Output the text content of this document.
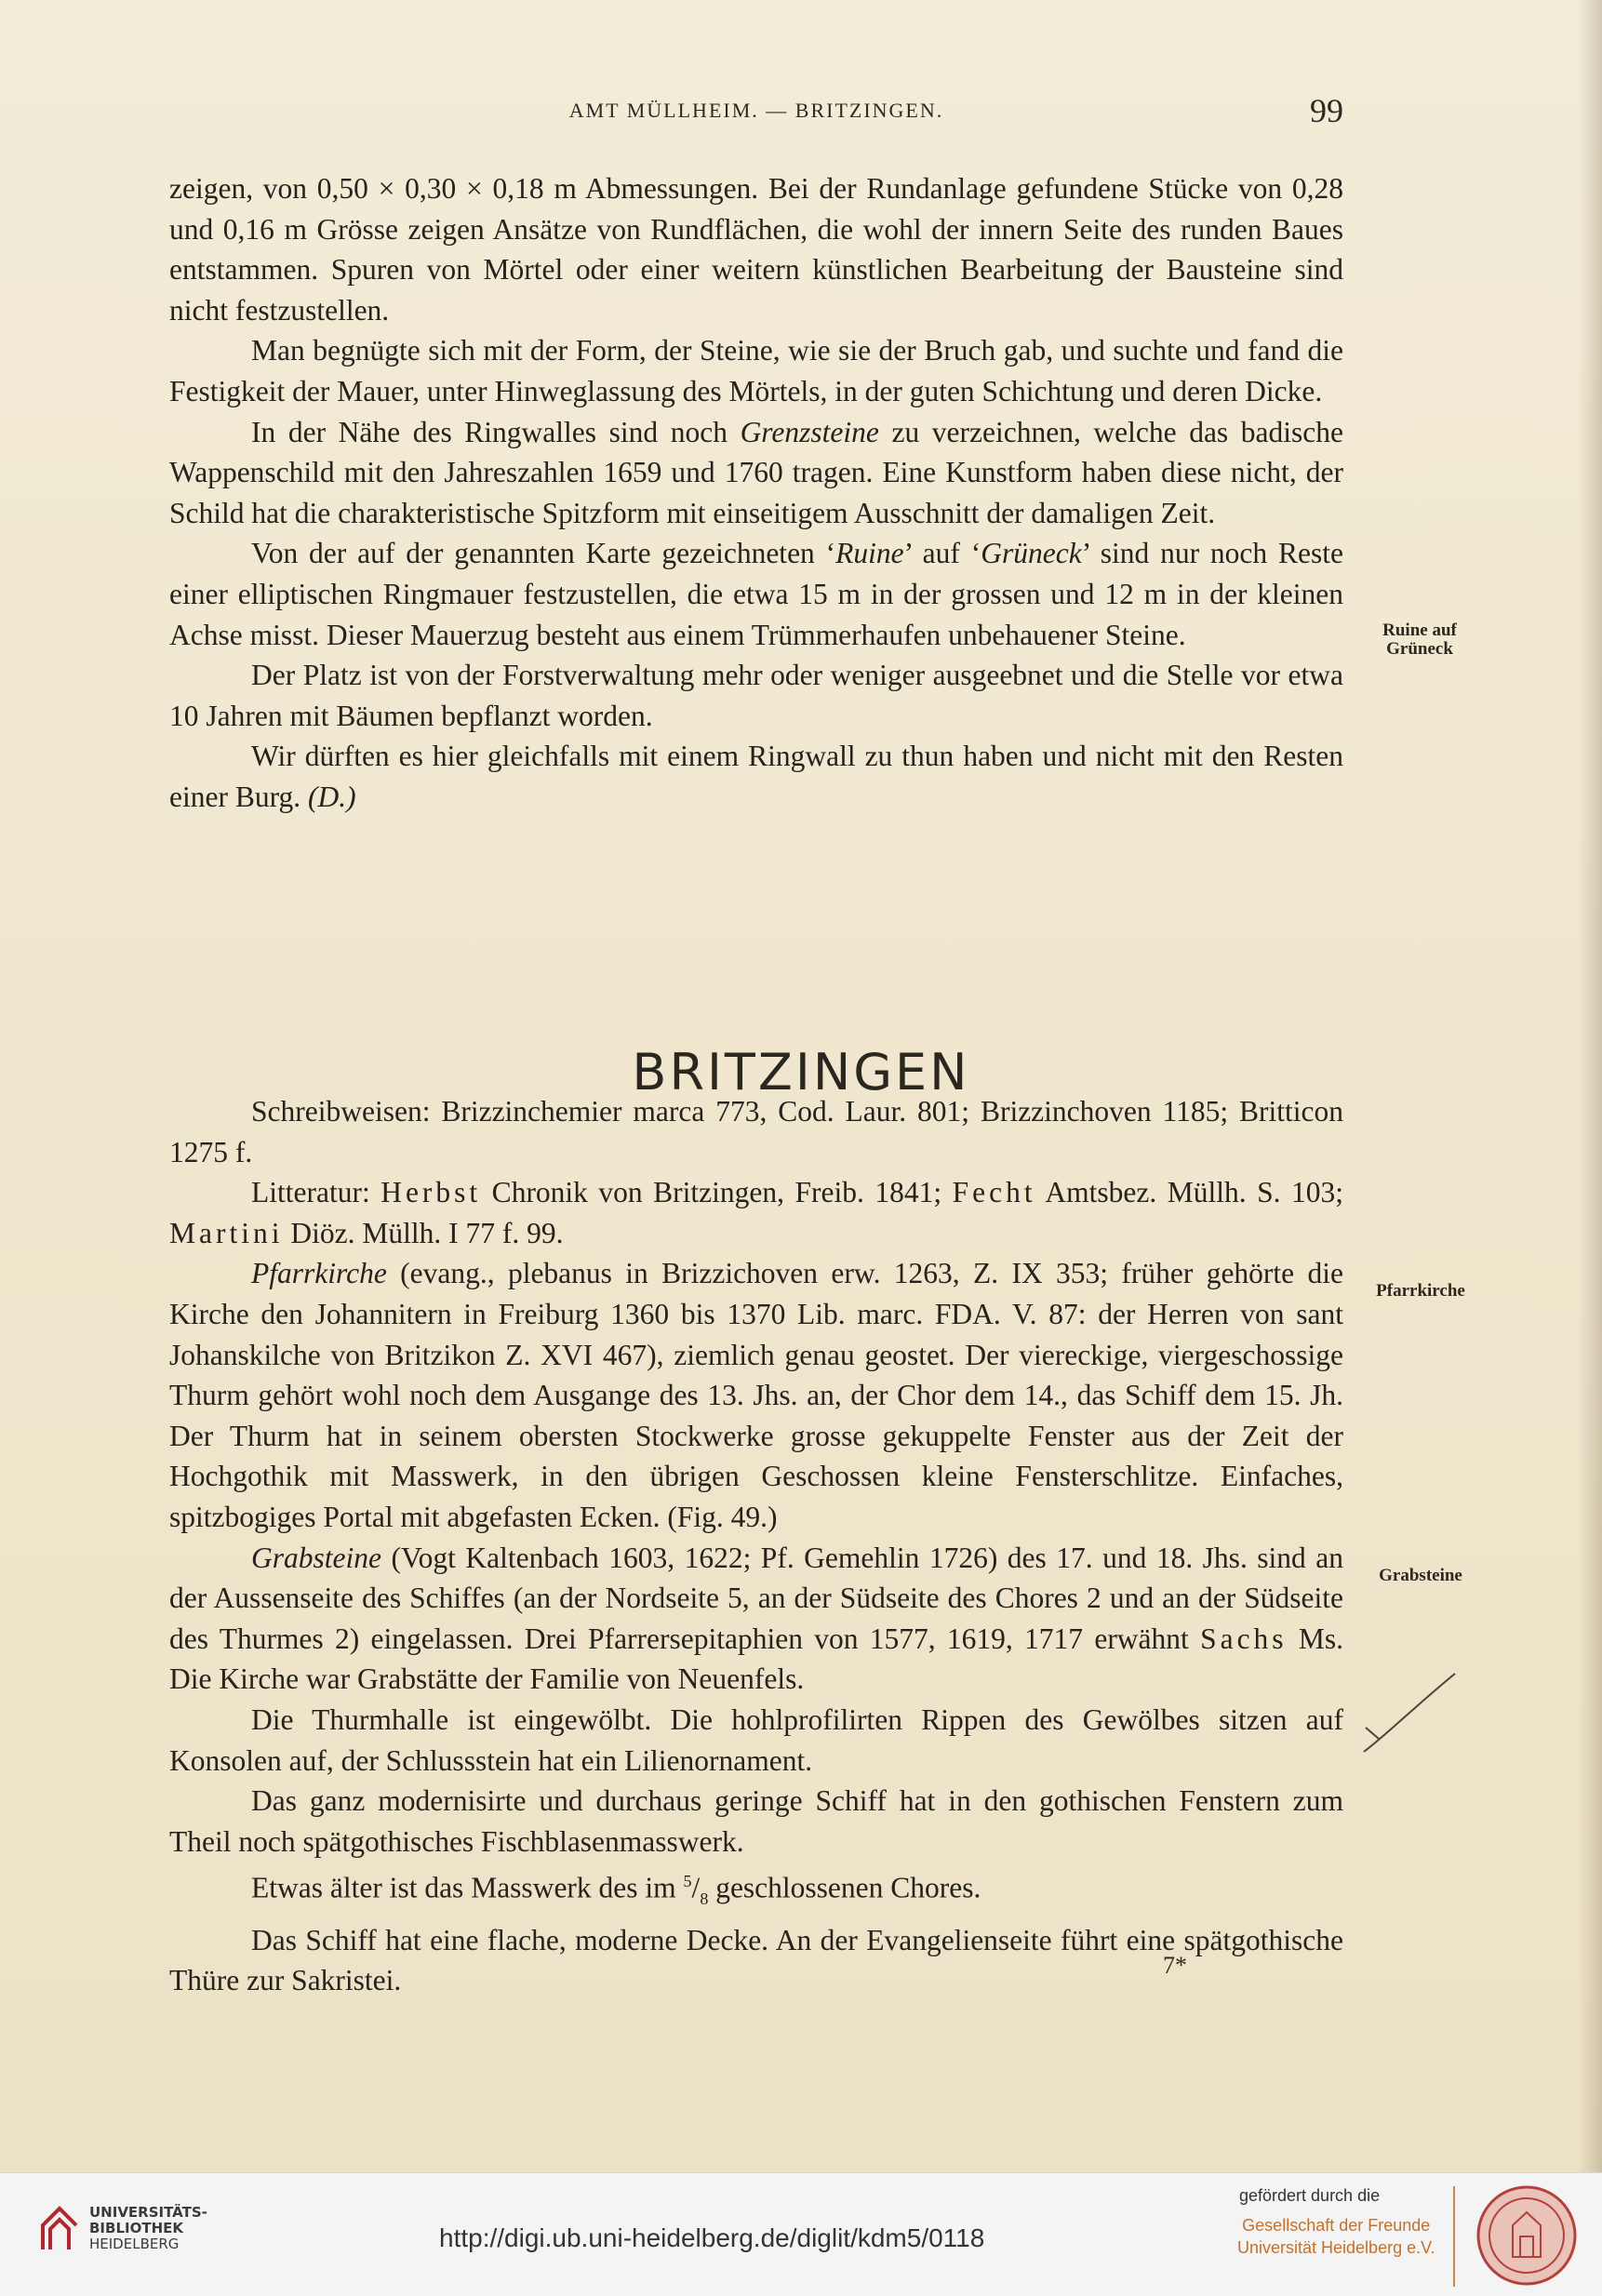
AMT MÜLLHEIM. — BRITZINGEN.	99

zeigen, von 0,50 × 0,30 × 0,18 m Abmessungen. Bei der Rundanlage gefundene Stücke von 0,28 und 0,16 m Grösse zeigen Ansätze von Rundflächen, die wohl der innern Seite des runden Baues entstammen. Spuren von Mörtel oder einer weitern künstlichen Bearbeitung der Bausteine sind nicht festzustellen.

Man begnügte sich mit der Form, der Steine, wie sie der Bruch gab, und suchte und fand die Festigkeit der Mauer, unter Hinweglassung des Mörtels, in der guten Schichtung und deren Dicke.

In der Nähe des Ringwalles sind noch Grenzsteine zu verzeichnen, welche das badische Wappenschild mit den Jahreszahlen 1659 und 1760 tragen. Eine Kunstform haben diese nicht, der Schild hat die charakteristische Spitzform mit einseitigem Ausschnitt der damaligen Zeit.

Von der auf der genannten Karte gezeichneten ‘Ruine’ auf ‘Grüneck’ sind nur noch Reste einer elliptischen Ringmauer festzustellen, die etwa 15 m in der grossen und 12 m in der kleinen Achse misst. Dieser Mauerzug besteht aus einem Trümmerhaufen unbehauener Steine.

Der Platz ist von der Forstverwaltung mehr oder weniger ausgeebnet und die Stelle vor etwa 10 Jahren mit Bäumen bepflanzt worden.

Wir dürften es hier gleichfalls mit einem Ringwall zu thun haben und nicht mit den Resten einer Burg. (D.)

BRITZINGEN

Schreibweisen: Brizzinchemier marca 773, Cod. Laur. 801; Brizzinchoven 1185; Britticon 1275 f.

Litteratur: Herbst Chronik von Britzingen, Freib. 1841; Fecht Amtsbez. Müllh. S. 103; Martini Diöz. Müllh. I 77 f. 99.

Pfarrkirche (evang., plebanus in Brizzichoven erw. 1263, Z. IX 353; früher gehörte die Kirche den Johannitern in Freiburg 1360 bis 1370 Lib. marc. FDA. V. 87: der Herren von sant Johanskilche von Britzikon Z. XVI 467), ziemlich genau geostet. Der viereckige, viergeschossige Thurm gehört wohl noch dem Ausgange des 13. Jhs. an, der Chor dem 14., das Schiff dem 15. Jh. Der Thurm hat in seinem obersten Stockwerke grosse gekuppelte Fenster aus der Zeit der Hochgothik mit Masswerk, in den übrigen Geschossen kleine Fensterschlitze. Einfaches, spitzbogiges Portal mit abgefasten Ecken. (Fig. 49.)

Grabsteine (Vogt Kaltenbach 1603, 1622; Pf. Gemehlin 1726) des 17. und 18. Jhs. sind an der Aussenseite des Schiffes (an der Nordseite 5, an der Südseite des Chores 2 und an der Südseite des Thurmes 2) eingelassen. Drei Pfarrersepitaphien von 1577, 1619, 1717 erwähnt Sachs Ms. Die Kirche war Grabstätte der Familie von Neuenfels.

Die Thurmhalle ist eingewölbt. Die hohlprofilirten Rippen des Gewölbes sitzen auf Konsolen auf, der Schlussstein hat ein Lilienornament.

Das ganz modernisirte und durchaus geringe Schiff hat in den gothischen Fenstern zum Theil noch spätgothisches Fischblasenmasswerk.

Etwas älter ist das Masswerk des im $^5/_8$ geschlossenen Chores.

Das Schiff hat eine flache, moderne Decke. An der Evangelienseite führt eine spätgothische Thüre zur Sakristei.

Ruine auf
Grüneck
Pfarrkirche
Grabsteine
7*
UNIVERSITÄTS-
BIBLIOTHEK
HEIDELBERG	http://digi.ub.uni-heidelberg.de/diglit/kdm5/0118
gefördert durch die
Gesellschaft der Freunde
Universität Heidelberg e.V.
